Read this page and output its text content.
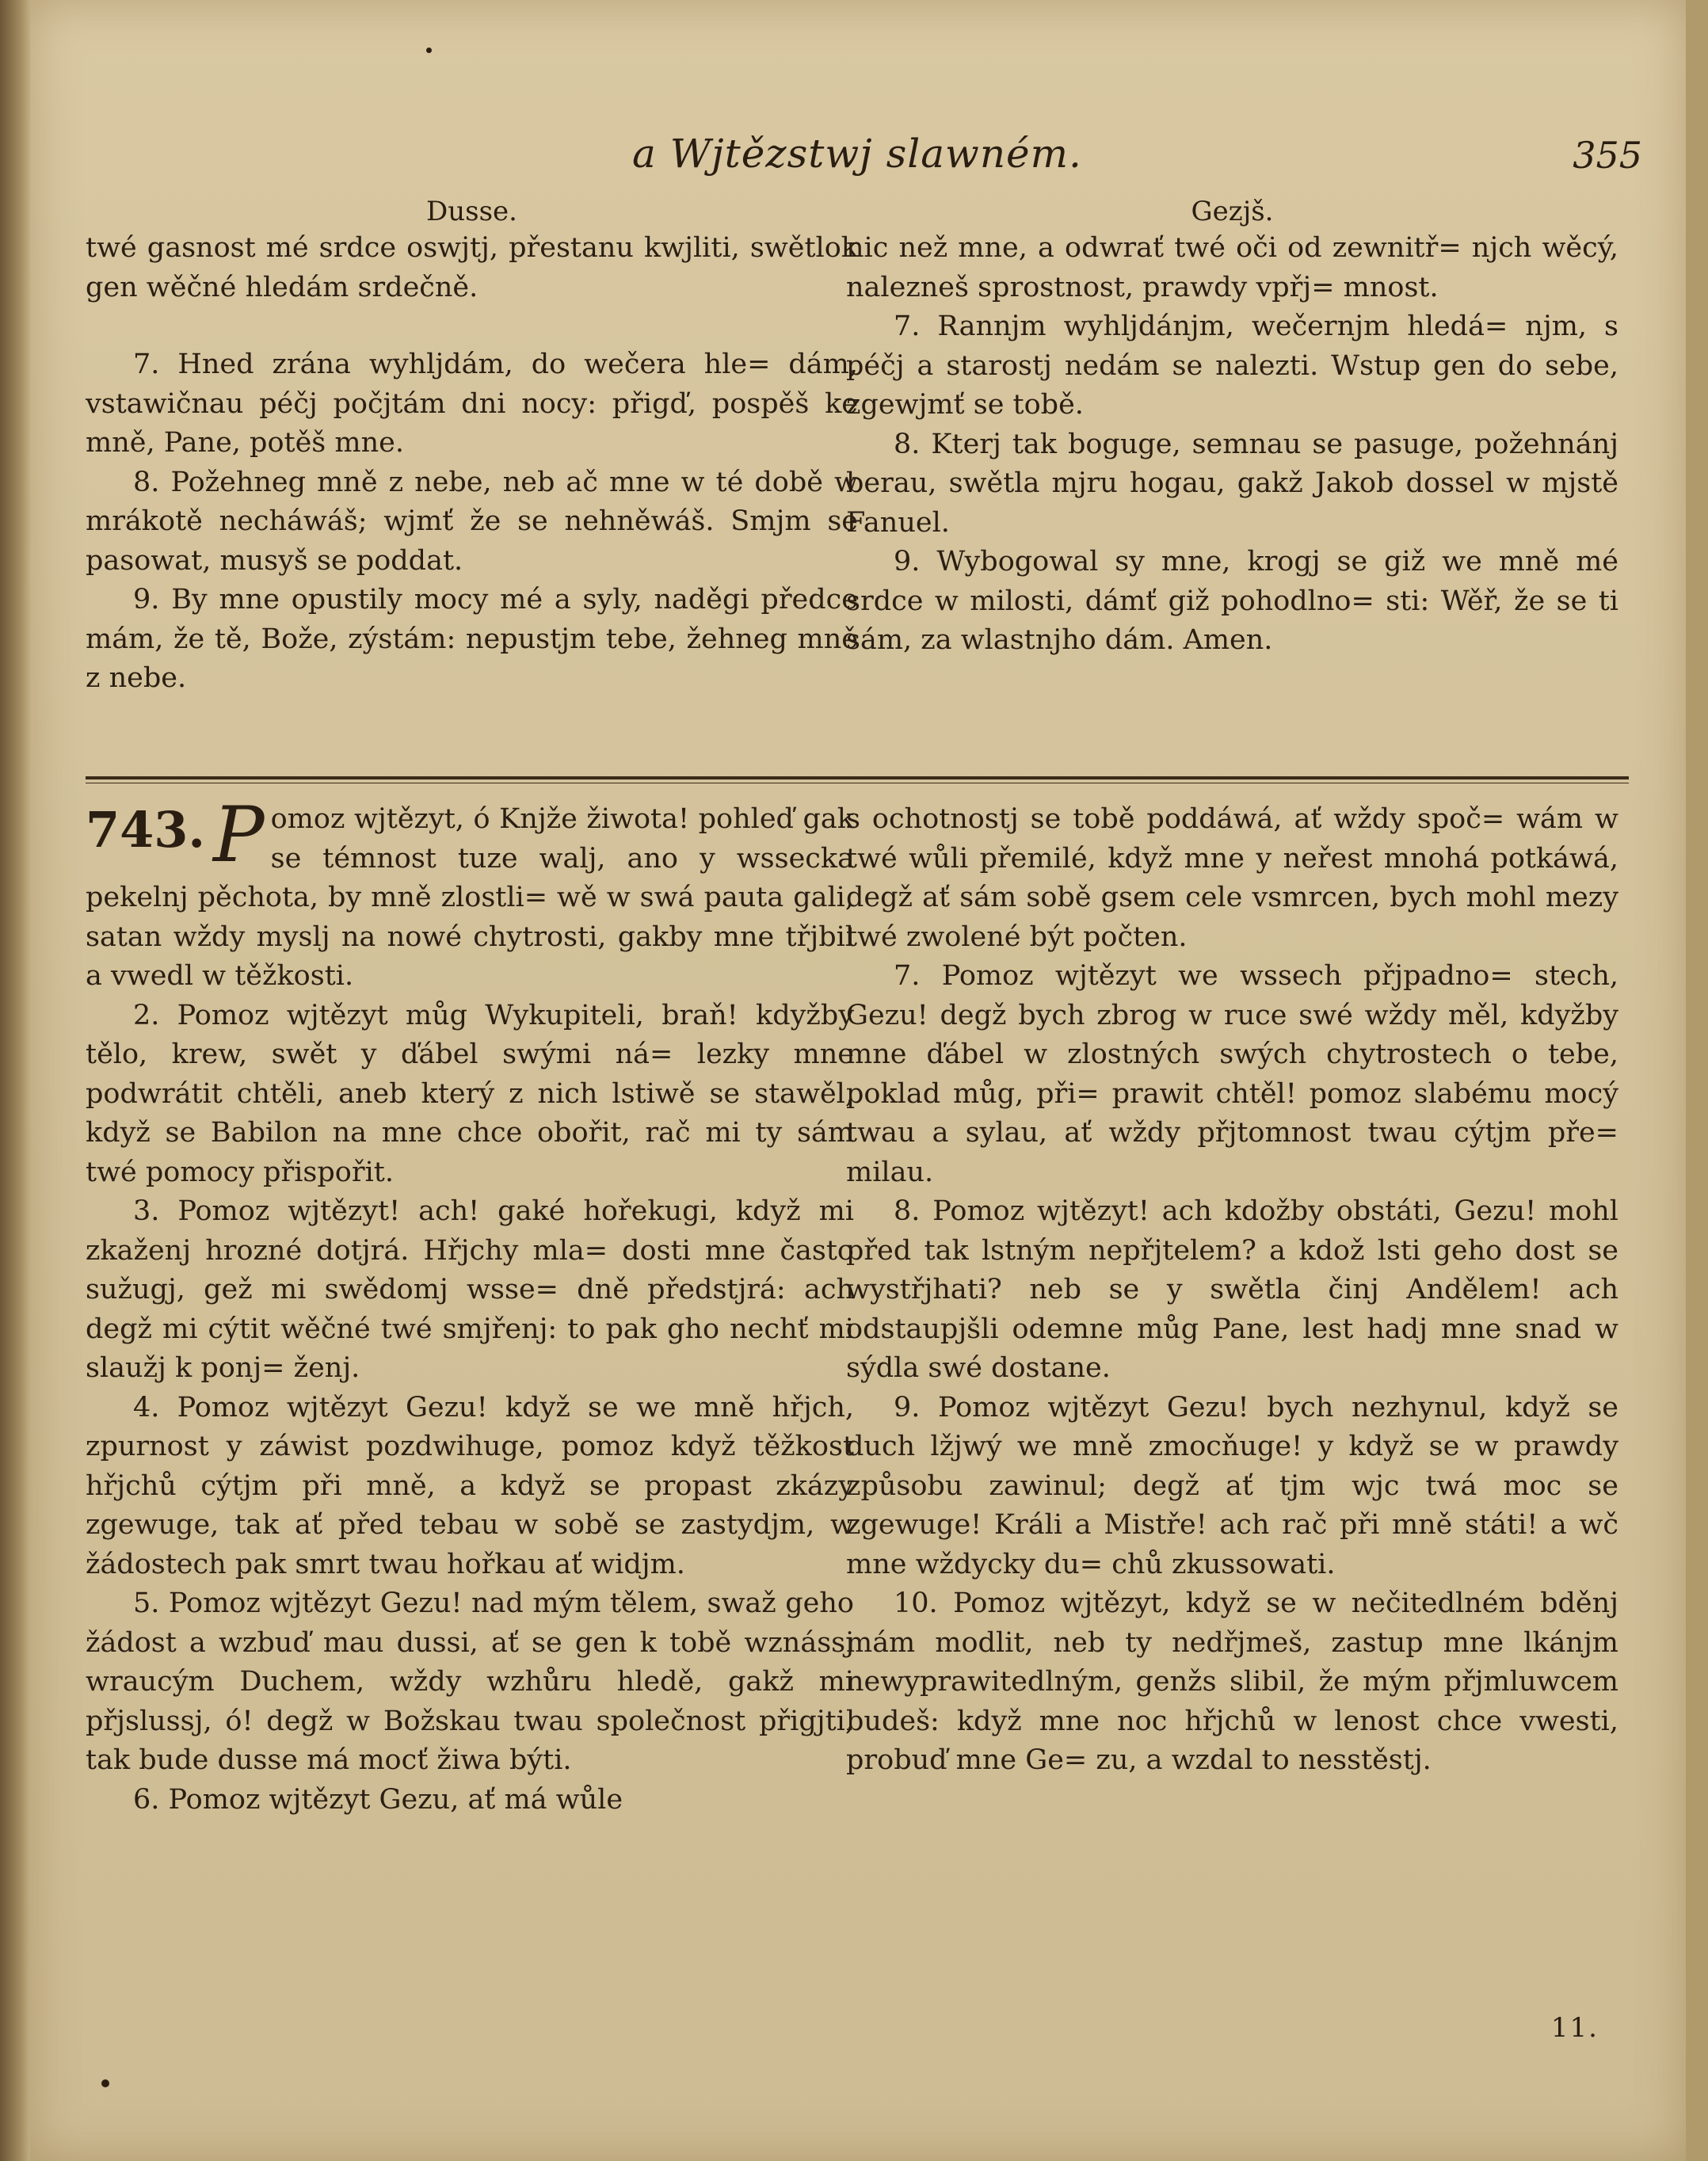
a Wjtězstwj slawném.	355

Dusse.

twé gasnost mé srdce oswjtj, přestanu kwjliti, swětlok gen wěčné hledám srdečně.

7. Hned zrána wyhljdám, do wečera hle= dám, vstawičnau péčj počjtám dni nocy: přigď, pospěš ke mně, Pane, potěš mne.

8. Požehneg mně z nebe, neb ač mne w té době w mrákotě necháwáš; wjmť že se nehněwáš. Smjm se pasowat, musyš se poddat.

9. By mne opustily mocy mé a syly, naděgi předce mám, že tě, Bože, zýstám: nepustjm tebe, žehneg mně z nebe.

Gezjš.

nic než mne, a odwrať twé oči od zewnitř= njch wěcý, nalezneš sprostnost, prawdy vpřj= mnost.

7. Rannjm wyhljdánjm, wečernjm hledá= njm, s péčj a starostj nedám se nalezti. Wstup gen do sebe, zgewjmť se tobě.

8. Kterj tak boguge, semnau se pasuge, požehnánj berau, swětla mjru hogau, gakž Jakob dossel w mjstě Fanuel.

9. Wybogowal sy mne, krogj se giž we mně mé srdce w milosti, dámť giž pohodlno= sti: Wěř, že se ti sám, za wlastnjho dám. Amen.

743. P omoz wjtězyt, ó Knjže žiwota! pohleď gak se témnost tuze walj, ano y wssecka pekelnj pěchota, by mně zlostli= wě w swá pauta gali, satan wždy myslj na nowé chytrosti, gakby mne třjbil a vwedl w těžkosti.

2. Pomoz wjtězyt můg Wykupiteli, braň! kdyžby tělo, krew, swět y ďábel swými ná= lezky mne podwrátit chtěli, aneb který z nich lstiwě se stawěl, když se Babilon na mne chce obořit, rač mi ty sám twé pomocy přispořit.

3. Pomoz wjtězyt! ach! gaké hořekugi, když mi zkaženj hrozné dotjrá. Hřjchy mla= dosti mne často sužugj, gež mi swědomj wsse= dně předstjrá: ach degž mi cýtit wěčné twé smjřenj: to pak gho nechť mi slaužj k ponj= ženj.

4. Pomoz wjtězyt Gezu! když se we mně hřjch, zpurnost y záwist pozdwihuge, pomoz když těžkost hřjchů cýtjm při mně, a když se propast zkázy zgewuge, tak ať před tebau w sobě se zastydjm, w žádostech pak smrt twau hořkau ať widjm.

5. Pomoz wjtězyt Gezu! nad mým tělem, swaž geho žádost a wzbuď mau dussi, ať se gen k tobě wznássj wraucým Duchem, wždy wzhůru hledě, gakž mi přjslussj, ó! degž w Božskau twau společnost přigjti, tak bude dusse má mocť žiwa býti.

6. Pomoz wjtězyt Gezu, ať má wůle

s ochotnostj se tobě poddáwá, ať wždy spoč= wám w twé wůli přemilé, když mne y neřest mnohá potkáwá, degž ať sám sobě gsem cele vsmrcen, bych mohl mezy twé zwolené být počten.

7. Pomoz wjtězyt we wssech přjpadno= stech, Gezu! degž bych zbrog w ruce swé wždy měl, kdyžby mne ďábel w zlostných swých chytrostech o tebe, poklad můg, při= prawit chtěl! pomoz slabému mocý twau a sylau, ať wždy přjtomnost twau cýtjm pře= milau.

8. Pomoz wjtězyt! ach kdožby obstáti, Gezu! mohl před tak lstným nepřjtelem? a kdož lsti geho dost se wystřjhati? neb se y swětla činj Andělem! ach odstaupjšli odemne můg Pane, lest hadj mne snad w sýdla swé dostane.

9. Pomoz wjtězyt Gezu! bych nezhynul, když se duch lžjwý we mně zmocňuge! y když se w prawdy způsobu zawinul; degž ať tjm wjc twá moc se zgewuge! Králi a Mistře! ach rač při mně státi! a wč mne wždycky du= chů zkussowati.

10. Pomoz wjtězyt, když se w nečitedlném bděnj mám modlit, neb ty nedřjmeš, zastup mne lkánjm newyprawitedlným, genžs slibil, že mým přjmluwcem budeš: když mne noc hřjchů w lenost chce vwesti, probuď mne Ge= zu, a wzdal to nesstěstj.

11.
